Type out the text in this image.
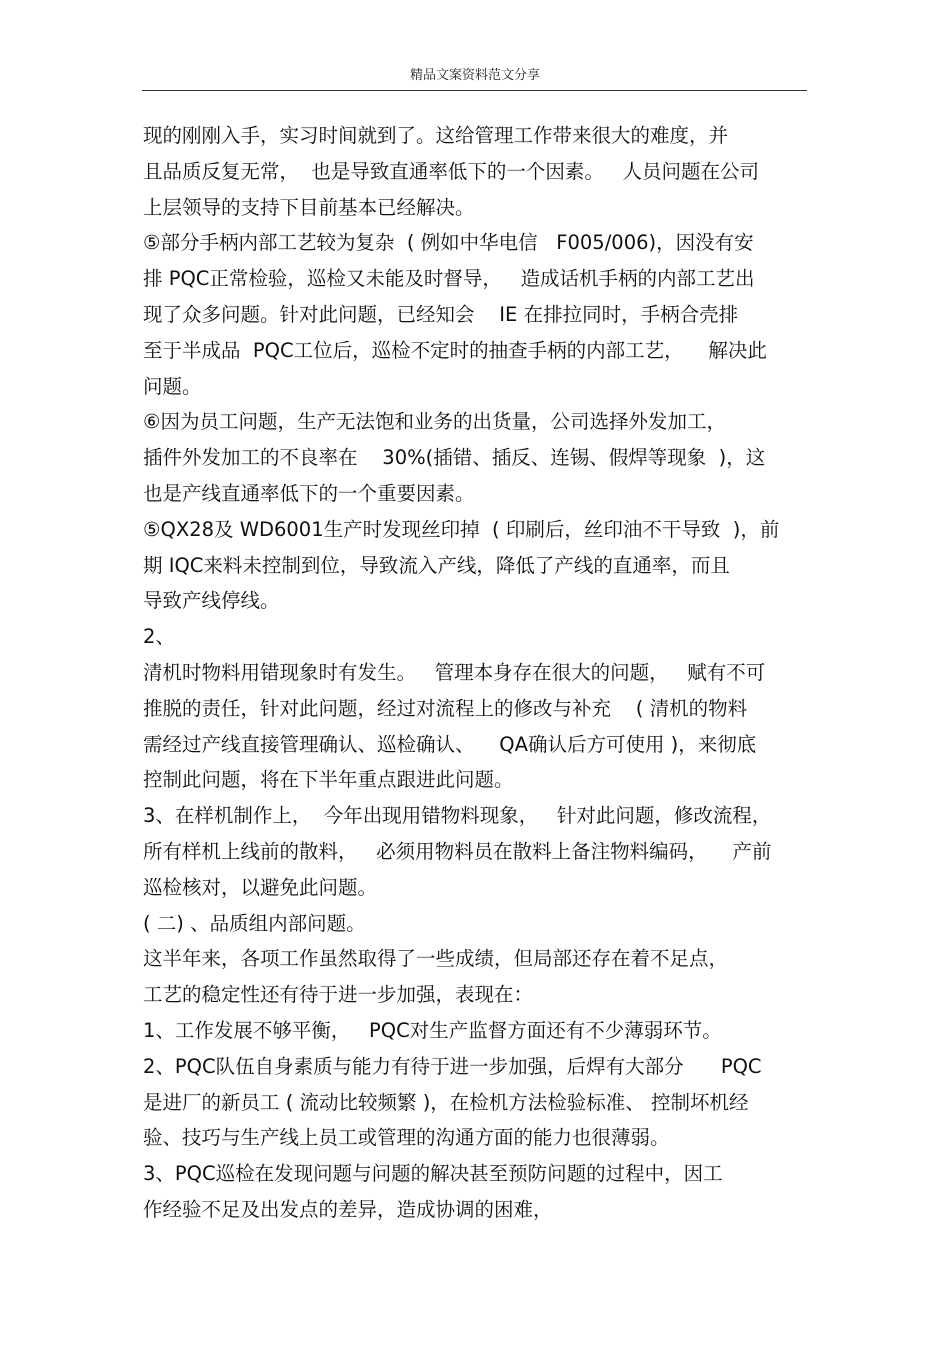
精品文案资料范文分享
现的刚刚入手，实习时间就到了。这给管理工作带来很大的难度，并
且品质反复无常，  也是导致直通率低下的一个因素。   人员问题在公司
上层领导的支持下目前基本已经解决。
⑤部分手柄内部工艺较为复杂  ( 例如中华电信   F005/006)，因没有安
排 PQC正常检验，巡检又未能及时督导，   造成话机手柄的内部工艺出
现了众多问题。针对此问题，已经知会    IE 在排拉同时，手柄合壳排
至于半成品  PQC工位后，巡检不定时的抽查手柄的内部工艺，    解决此
问题。
⑥因为员工问题，生产无法饱和业务的出货量，公司选择外发加工，
插件外发加工的不良率在    30%(插错、插反、连锡、假焊等现象  )，这
也是产线直通率低下的一个重要因素。
⑤QX28及 WD6001生产时发现丝印掉  ( 印刷后，丝印油不干导致  )，前
期 IQC来料未控制到位，导致流入产线，降低了产线的直通率，而且
导致产线停线。
2、
清机时物料用错现象时有发生。   管理本身存在很大的问题，   赋有不可
推脱的责任，针对此问题，经过对流程上的修改与补充    ( 清机的物料
需经过产线直接管理确认、巡检确认、    QA确认后方可使用 )，来彻底
控制此问题，将在下半年重点跟进此问题。
3、在样机制作上，  今年出现用错物料现象，   针对此问题，修改流程，
所有样机上线前的散料，   必须用物料员在散料上备注物料编码，    产前
巡检核对，以避免此问题。
( 二) 、品质组内部问题。
这半年来，各项工作虽然取得了一些成绩，但局部还存在着不足点，
工艺的稳定性还有待于进一步加强，表现在：
1、工作发展不够平衡，   PQC对生产监督方面还有不少薄弱环节。
2、PQC队伍自身素质与能力有待于进一步加强，后焊有大部分      PQC
是进厂的新员工 ( 流动比较频繁 )，在检机方法检验标准、 控制坏机经
验、技巧与生产线上员工或管理的沟通方面的能力也很薄弱。
3、PQC巡检在发现问题与问题的解决甚至预防问题的过程中，因工
作经验不足及出发点的差异，造成协调的困难，
